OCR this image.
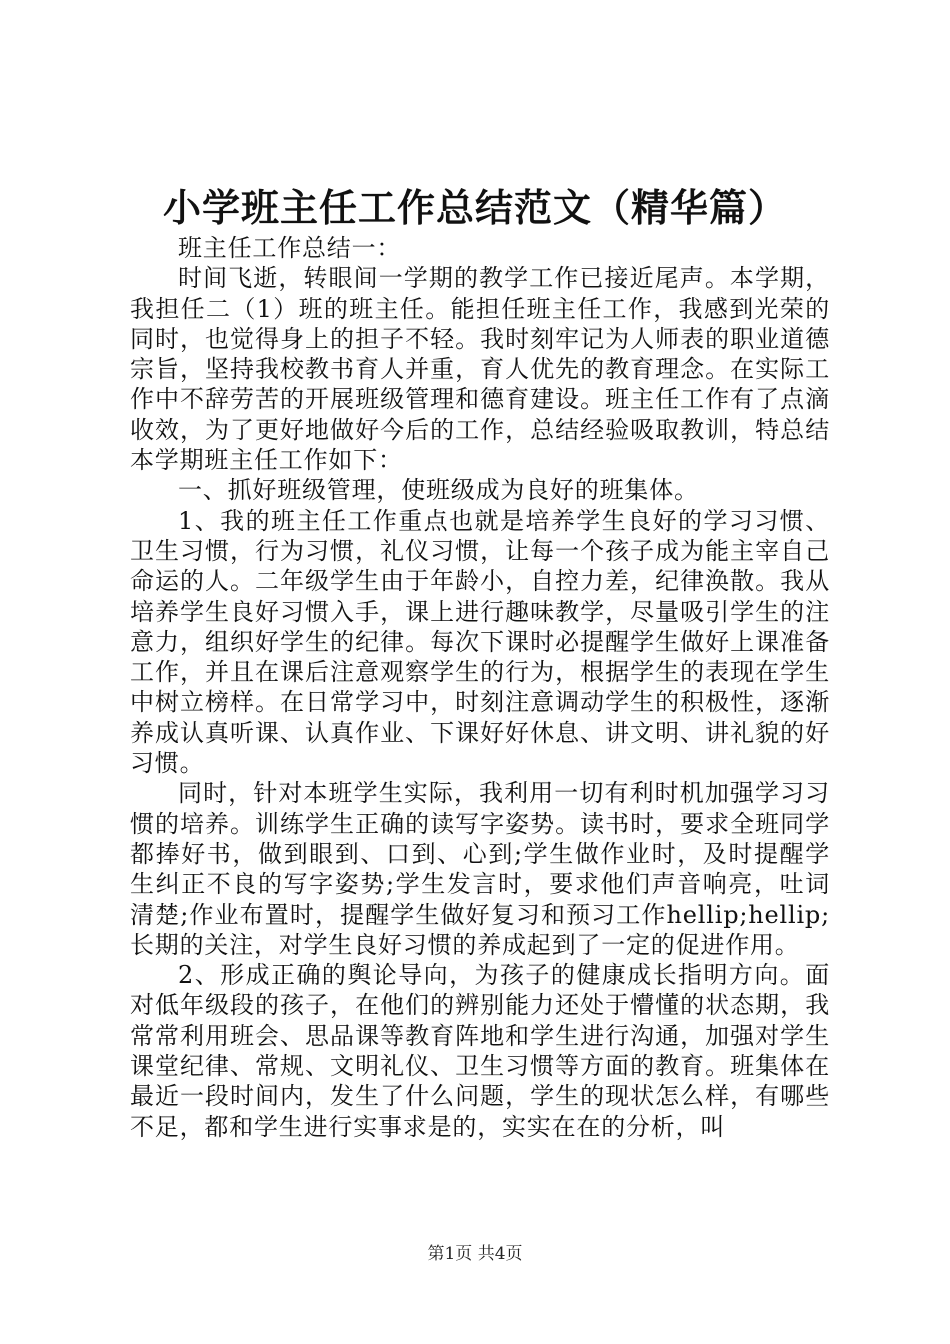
小学班主任工作总结范文（精华篇）

班主任工作总结一：

时间飞逝，转眼间一学期的教学工作已接近尾声。本学期，我担任二（1）班的班主任。能担任班主任工作，我感到光荣的同时，也觉得身上的担子不轻。我时刻牢记为人师表的职业道德宗旨，坚持我校教书育人并重，育人优先的教育理念。在实际工作中不辞劳苦的开展班级管理和德育建设。班主任工作有了点滴收效，为了更好地做好今后的工作，总结经验吸取教训，特总结本学期班主任工作如下：

一、抓好班级管理，使班级成为良好的班集体。

1、我的班主任工作重点也就是培养学生良好的学习习惯、卫生习惯，行为习惯，礼仪习惯，让每一个孩子成为能主宰自己命运的人。二年级学生由于年龄小，自控力差，纪律涣散。我从培养学生良好习惯入手，课上进行趣味教学，尽量吸引学生的注意力，组织好学生的纪律。每次下课时必提醒学生做好上课准备工作，并且在课后注意观察学生的行为，根据学生的表现在学生中树立榜样。在日常学习中，时刻注意调动学生的积极性，逐渐养成认真听课、认真作业、下课好好休息、讲文明、讲礼貌的好习惯。

同时，针对本班学生实际，我利用一切有利时机加强学习习惯的培养。训练学生正确的读写字姿势。读书时，要求全班同学都捧好书，做到眼到、口到、心到;学生做作业时，及时提醒学生纠正不良的写字姿势;学生发言时，要求他们声音响亮，吐词清楚;作业布置时，提醒学生做好复习和预习工作hellip;hellip;长期的关注，对学生良好习惯的养成起到了一定的促进作用。

2、形成正确的舆论导向，为孩子的健康成长指明方向。面对低年级段的孩子，在他们的辨别能力还处于懵懂的状态期，我常常利用班会、思品课等教育阵地和学生进行沟通，加强对学生课堂纪律、常规、文明礼仪、卫生习惯等方面的教育。班集体在最近一段时间内，发生了什么问题，学生的现状怎么样，有哪些不足，都和学生进行实事求是的，实实在在的分析，叫

第1页 共4页
